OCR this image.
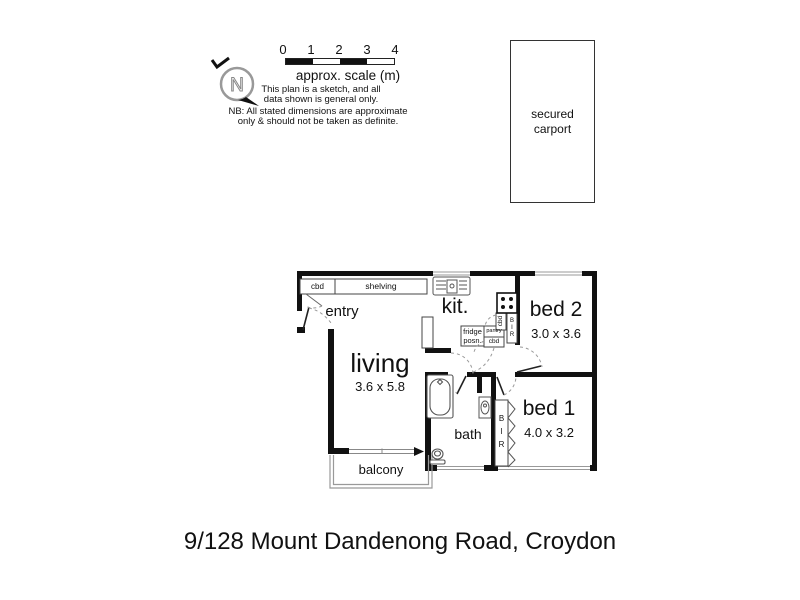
N
0	1	2	3	4
approx. scale (m)
This plan is a sketch, and all
data shown is general only.
NB: All stated dimensions are approximate
only & should not be taken as definite.
secured
carport
entry	kit.
living
3.6 x 5.8
bed 2
3.0 x 3.6
bed 1
4.0 x 3.2
bath
balcony
cbd	shelving
fridge
posn.
pantry
cbd
cbd BIR
BIR
9/128 Mount Dandenong Road, Croydon
